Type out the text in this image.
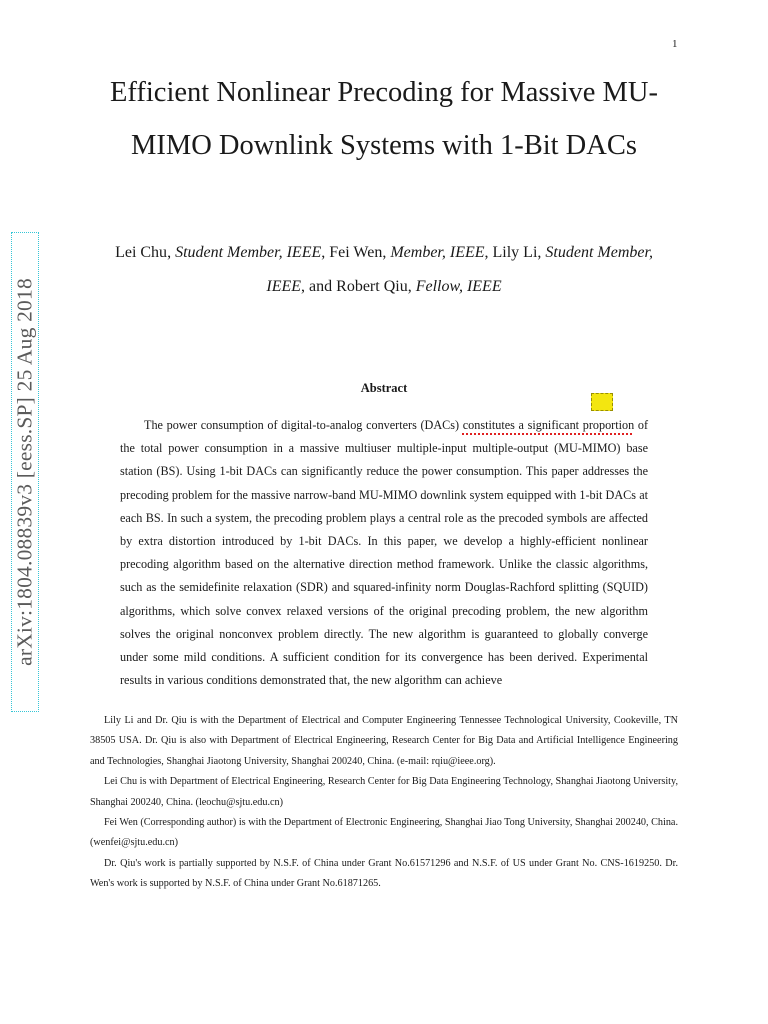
1
arXiv:1804.08839v3 [eess.SP] 25 Aug 2018
Efficient Nonlinear Precoding for Massive MU-MIMO Downlink Systems with 1-Bit DACs
Lei Chu, Student Member, IEEE, Fei Wen, Member, IEEE, Lily Li, Student Member, IEEE, and Robert Qiu, Fellow, IEEE
Abstract

The power consumption of digital-to-analog converters (DACs) constitutes a significant proportion of the total power consumption in a massive multiuser multiple-input multiple-output (MU-MIMO) base station (BS). Using 1-bit DACs can significantly reduce the power consumption. This paper addresses the precoding problem for the massive narrow-band MU-MIMO downlink system equipped with 1-bit DACs at each BS. In such a system, the precoding problem plays a central role as the precoded symbols are affected by extra distortion introduced by 1-bit DACs. In this paper, we develop a highly-efficient nonlinear precoding algorithm based on the alternative direction method framework. Unlike the classic algorithms, such as the semidefinite relaxation (SDR) and squared-infinity norm Douglas-Rachford splitting (SQUID) algorithms, which solve convex relaxed versions of the original precoding problem, the new algorithm solves the original nonconvex problem directly. The new algorithm is guaranteed to globally converge under some mild conditions. A sufficient condition for its convergence has been derived. Experimental results in various conditions demonstrated that, the new algorithm can achieve

Lily Li and Dr. Qiu is with the Department of Electrical and Computer Engineering Tennessee Technological University, Cookeville, TN 38505 USA. Dr. Qiu is also with Department of Electrical Engineering, Research Center for Big Data and Artificial Intelligence Engineering and Technologies, Shanghai Jiaotong University, Shanghai 200240, China. (e-mail: rqiu@ieee.org).

Lei Chu is with Department of Electrical Engineering, Research Center for Big Data Engineering Technology, Shanghai Jiaotong University, Shanghai 200240, China. (leochu@sjtu.edu.cn)

Fei Wen (Corresponding author) is with the Department of Electronic Engineering, Shanghai Jiao Tong University, Shanghai 200240, China. (wenfei@sjtu.edu.cn)

Dr. Qiu's work is partially supported by N.S.F. of China under Grant No.61571296 and N.S.F. of US under Grant No. CNS-1619250. Dr. Wen's work is supported by N.S.F. of China under Grant No.61871265.
